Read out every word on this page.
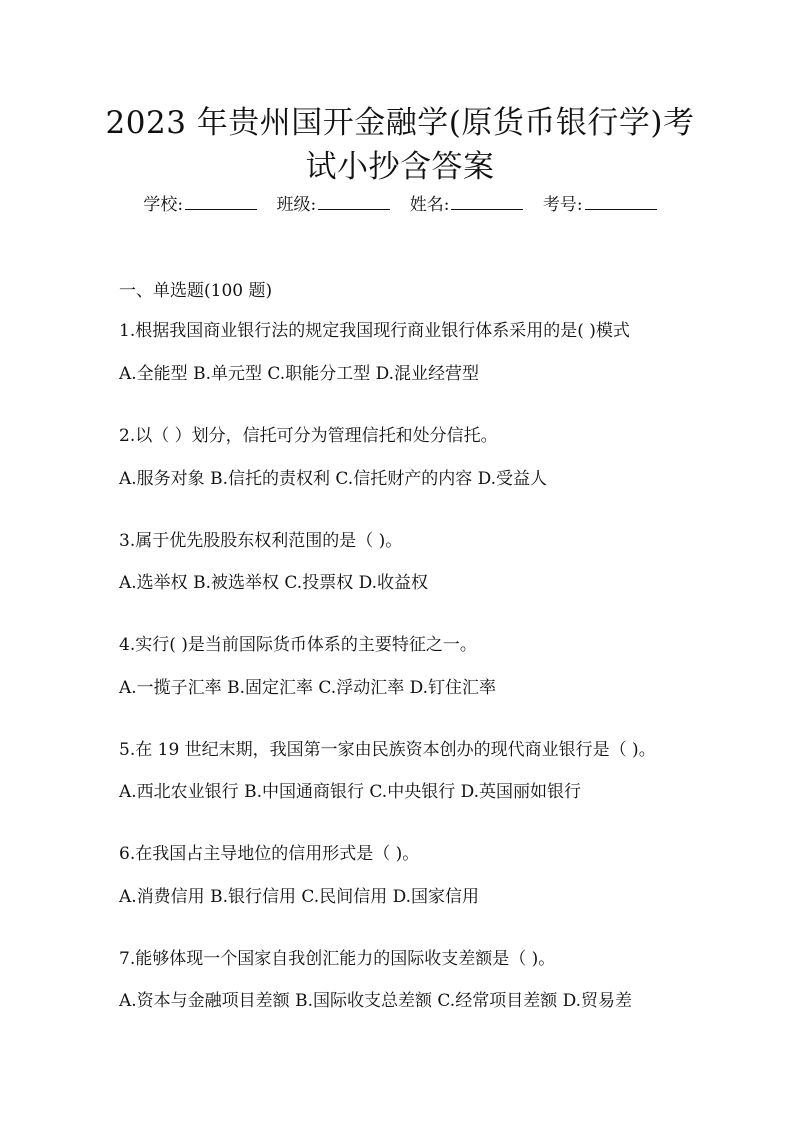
2023 年贵州国开金融学(原货币银行学)考
试小抄含答案
学校:	班级:	姓名:	考号:
一、单选题(100 题)
1.根据我国商业银行法的规定我国现行商业银行体系采用的是( )模式
A.全能型 B.单元型 C.职能分工型 D.混业经营型
2.以（ ）划分，信托可分为管理信托和处分信托。
A.服务对象 B.信托的责权利 C.信托财产的内容 D.受益人
3.属于优先股股东权利范围的是（ )。
A.选举权 B.被选举权 C.投票权 D.收益权
4.实行( )是当前国际货币体系的主要特征之一。
A.一揽子汇率 B.固定汇率 C.浮动汇率 D.钉住汇率
5.在 19 世纪末期，我国第一家由民族资本创办的现代商业银行是（ )。
A.西北农业银行 B.中国通商银行 C.中央银行 D.英国丽如银行
6.在我国占主导地位的信用形式是（ )。
A.消费信用 B.银行信用 C.民间信用 D.国家信用
7.能够体现一个国家自我创汇能力的国际收支差额是（ )。
A.资本与金融项目差额 B.国际收支总差额 C.经常项目差额 D.贸易差
